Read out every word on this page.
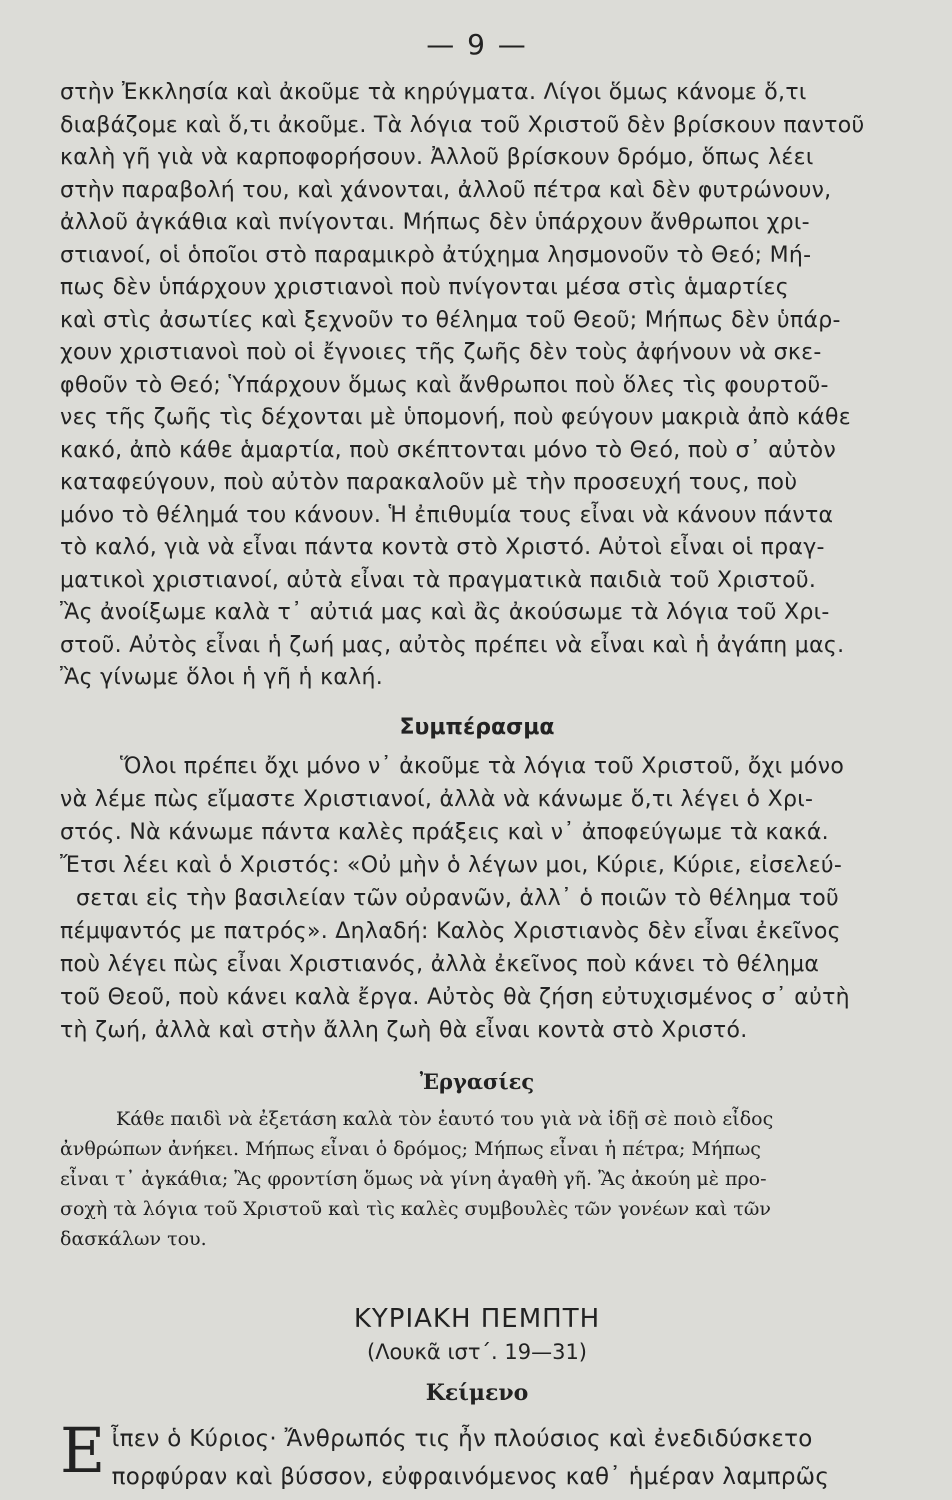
— 9 —

στὴν Ἐκκλησία καὶ ἀκοῦμε τὰ κηρύγματα. Λίγοι ὅμως κάνομε ὅ,τι
διαβάζομε καὶ ὅ,τι ἀκοῦμε. Τὰ λόγια τοῦ Χριστοῦ δὲν βρίσκουν παντοῦ
καλὴ γῆ γιὰ νὰ καρποφορήσουν. Ἀλλοῦ βρίσκουν δρόμο, ὅπως λέει
στὴν παραβολή του, καὶ χάνονται, ἀλλοῦ πέτρα καὶ δὲν φυτρώνουν,
ἀλλοῦ ἀγκάθια καὶ πνίγονται. Μήπως δὲν ὑπάρχουν ἄνθρωποι χρι-
στιανοί, οἱ ὁποῖοι στὸ παραμικρὸ ἀτύχημα λησμονοῦν τὸ Θεό; Μή-
πως δὲν ὑπάρχουν χριστιανοὶ ποὺ πνίγονται μέσα στὶς ἁμαρτίες
καὶ στὶς ἀσωτίες καὶ ξεχνοῦν το θέλημα τοῦ Θεοῦ; Μήπως δὲν ὑπάρ-
χουν χριστιανοὶ ποὺ οἱ ἔγνοιες τῆς ζωῆς δὲν τοὺς ἀφήνουν νὰ σκε-
φθοῦν τὸ Θεό; Ὑπάρχουν ὅμως καὶ ἄνθρωποι ποὺ ὅλες τὶς φουρτοῦ-
νες τῆς ζωῆς τὶς δέχονται μὲ ὑπομονή, ποὺ φεύγουν μακριὰ ἀπὸ κάθε
κακό, ἀπὸ κάθε ἁμαρτία, ποὺ σκέπτονται μόνο τὸ Θεό, ποὺ σ᾿ αὐτὸν
καταφεύγουν, ποὺ αὐτὸν παρακαλοῦν μὲ τὴν προσευχή τους, ποὺ
μόνο τὸ θέλημά του κάνουν. Ἡ ἐπιθυμία τους εἶναι νὰ κάνουν πάντα
τὸ καλό, γιὰ νὰ εἶναι πάντα κοντὰ στὸ Χριστό. Αὐτοὶ εἶναι οἱ πραγ-
ματικοὶ χριστιανοί, αὐτὰ εἶναι τὰ πραγματικὰ παιδιὰ τοῦ Χριστοῦ.
Ἂς ἀνοίξωμε καλὰ τ᾿ αὐτιά μας καὶ ἂς ἀκούσωμε τὰ λόγια τοῦ Χρι-
στοῦ. Αὐτὸς εἶναι ἡ ζωή μας, αὐτὸς πρέπει νὰ εἶναι καὶ ἡ ἀγάπη μας.
Ἂς γίνωμε ὅλοι ἡ γῆ ἡ καλή.

Συμπέρασμα

Ὅλοι πρέπει ὄχι μόνο ν᾿ ἀκοῦμε τὰ λόγια τοῦ Χριστοῦ, ὄχι μόνο
νὰ λέμε πὼς εἴμαστε Χριστιανοί, ἀλλὰ νὰ κάνωμε ὅ,τι λέγει ὁ Χρι-
στός. Νὰ κάνωμε πάντα καλὲς πράξεις καὶ ν᾿ ἀποφεύγωμε τὰ κακά.
Ἔτσι λέει καὶ ὁ Χριστός: «Οὐ μὴν ὁ λέγων μοι, Κύριε, Κύριε, εἰσελεύ-
σεται εἰς τὴν βασιλείαν τῶν οὐρανῶν, ἀλλ᾿ ὁ ποιῶν τὸ θέλημα τοῦ
πέμψαντός με πατρός». Δηλαδή: Καλὸς Χριστιανὸς δὲν εἶναι ἐκεῖνος
ποὺ λέγει πὼς εἶναι Χριστιανός, ἀλλὰ ἐκεῖνος ποὺ κάνει τὸ θέλημα
τοῦ Θεοῦ, ποὺ κάνει καλὰ ἔργα. Αὐτὸς θὰ ζήση εὐτυχισμένος σ᾿ αὐτὴ
τὴ ζωή, ἀλλὰ καὶ στὴν ἄλλη ζωὴ θὰ εἶναι κοντὰ στὸ Χριστό.

Ἐργασίες

Κάθε παιδὶ νὰ ἐξετάση καλὰ τὸν ἑαυτό του γιὰ νὰ ἰδῇ σὲ ποιὸ εἶδος
ἀνθρώπων ἀνήκει. Μήπως εἶναι ὁ δρόμος; Μήπως εἶναι ἡ πέτρα; Μήπως
εἶναι τ᾿ ἀγκάθια; Ἂς φροντίση ὅμως νὰ γίνη ἀγαθὴ γῆ. Ἂς ἀκούη μὲ προ-
σοχὴ τὰ λόγια τοῦ Χριστοῦ καὶ τὶς καλὲς συμβουλὲς τῶν γονέων καὶ τῶν
δασκάλων του.

ΚΥΡΙΑΚΗ ΠΕΜΠΤΗ
(Λουκᾶ ιστ΄. 19—31)
Κείμενο

Ε ἶπεν ὁ Κύριος· Ἄνθρωπός τις ἦν πλούσιος καὶ ἐνεδιδύσκετο
πορφύραν καὶ βύσσον, εὐφραινόμενος καθ᾿ ἡμέραν λαμπρῶς
